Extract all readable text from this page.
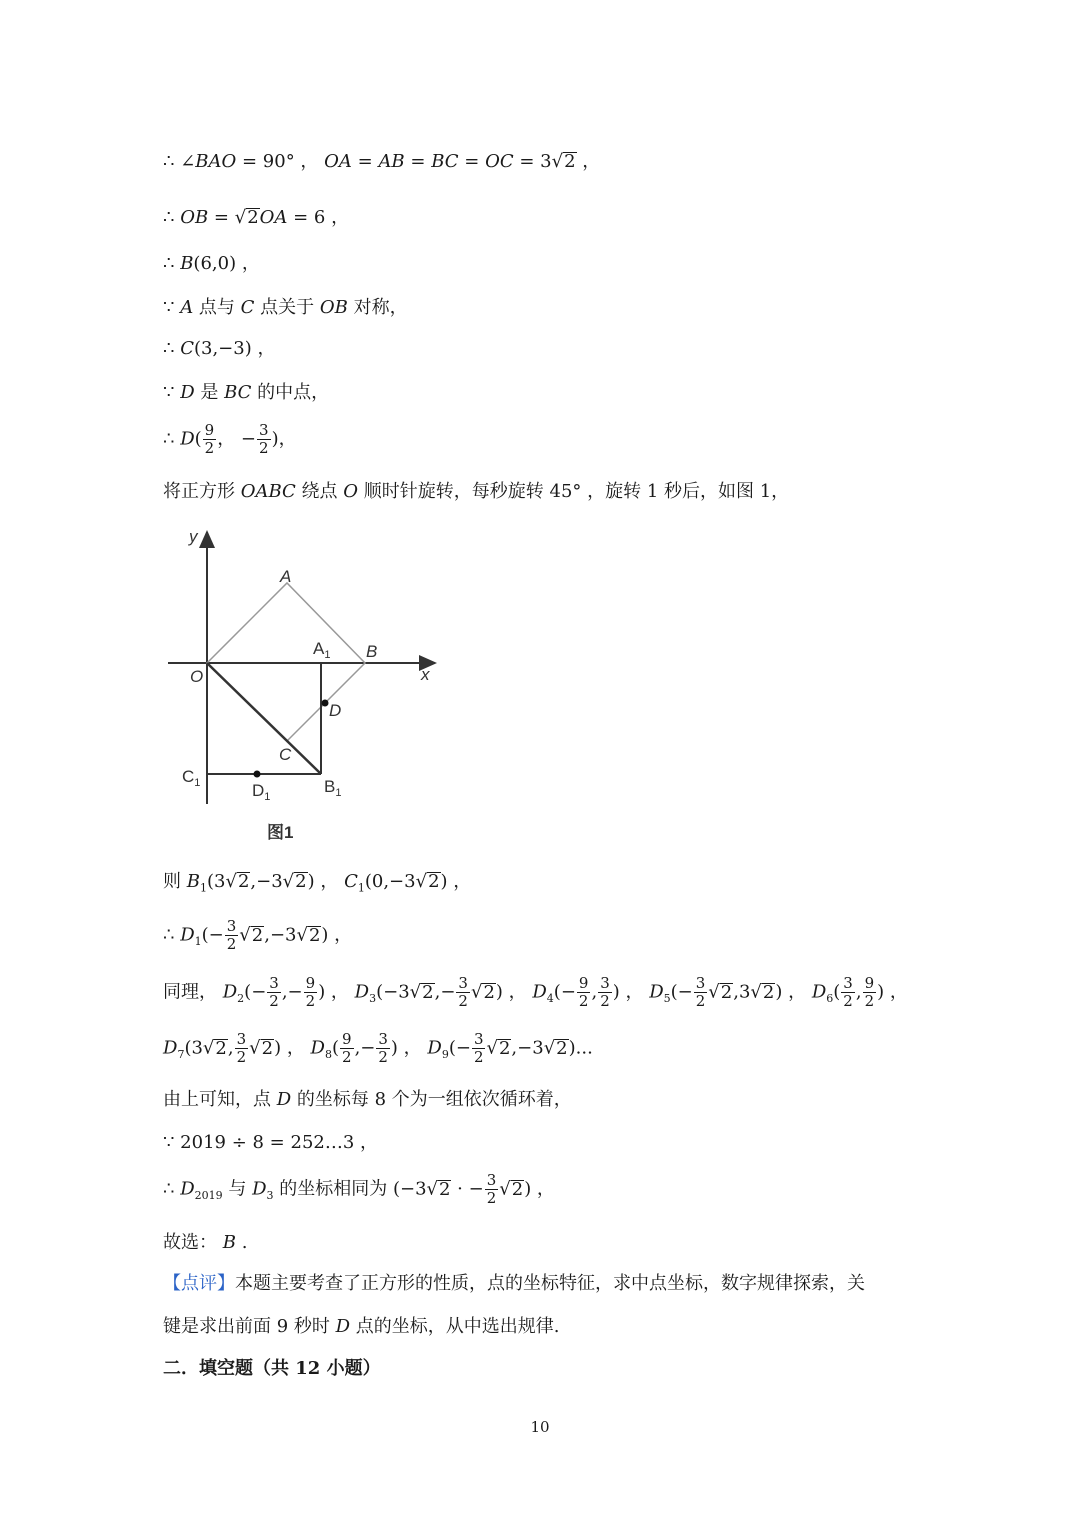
∴ ∠BAO = 90° ， OA = AB = BC = OC = 3√2 ，
∴ OB = √2OA = 6 ，
∴ B(6,0) ，
∵ A 点与 C 点关于 OB 对称，
∴ C(3,−3) ，
∵ D 是 BC 的中点，
∴ $D( \frac{9}{2}$ ， − $\frac{3}{2}$ )，
将正方形 OABC 绕点 O 顺时针旋转，每秒旋转 45° ，旋转 1 秒后，如图 1，
y
x
O
A
B
C
D
$A_1$
$B_1$
$C_1$	$D_1$
图1
则 $B_1(3√2,-3√2)$ ， $C_1(0,-3√2)$ ，
∴ $D_1(- \frac{3}{2} √2,-3√2)$ ，
同理， $D_2(- \frac{3}{2}$ ,− $\frac{9}{2}$ ) ， $D_3(-3√2,- \frac{3}{2} √2)$ ， $D_4(- \frac{9}{2}$ , $\frac{3}{2}$ ) ， $D_5(- \frac{3}{2} √2,3√2)$ ， $D_6( \frac{3}{2}$ , $\frac{9}{2}$ ) ，
$D_7(3√2$, $\frac{3}{2} √2$) ， $D_8( \frac{9}{2}$ ,− $\frac{3}{2}$ ) ， $D_9(- \frac{3}{2} √2,-3√2)$...
由上可知，点 D 的坐标每 8 个为一组依次循环着，
∵ 2019 ÷ 8 = 252…3 ，
∴ $D_{2019}$ 与 $D_3$ 的坐标相同为 (−3√2 · − $\frac{3}{2} √2$) ，
故选： B .
【点评】本题主要考查了正方形的性质，点的坐标特征，求中点坐标，数字规律探索，关
键是求出前面 9 秒时 D 点的坐标，从中选出规律.
二．填空题（共 12 小题）
10
